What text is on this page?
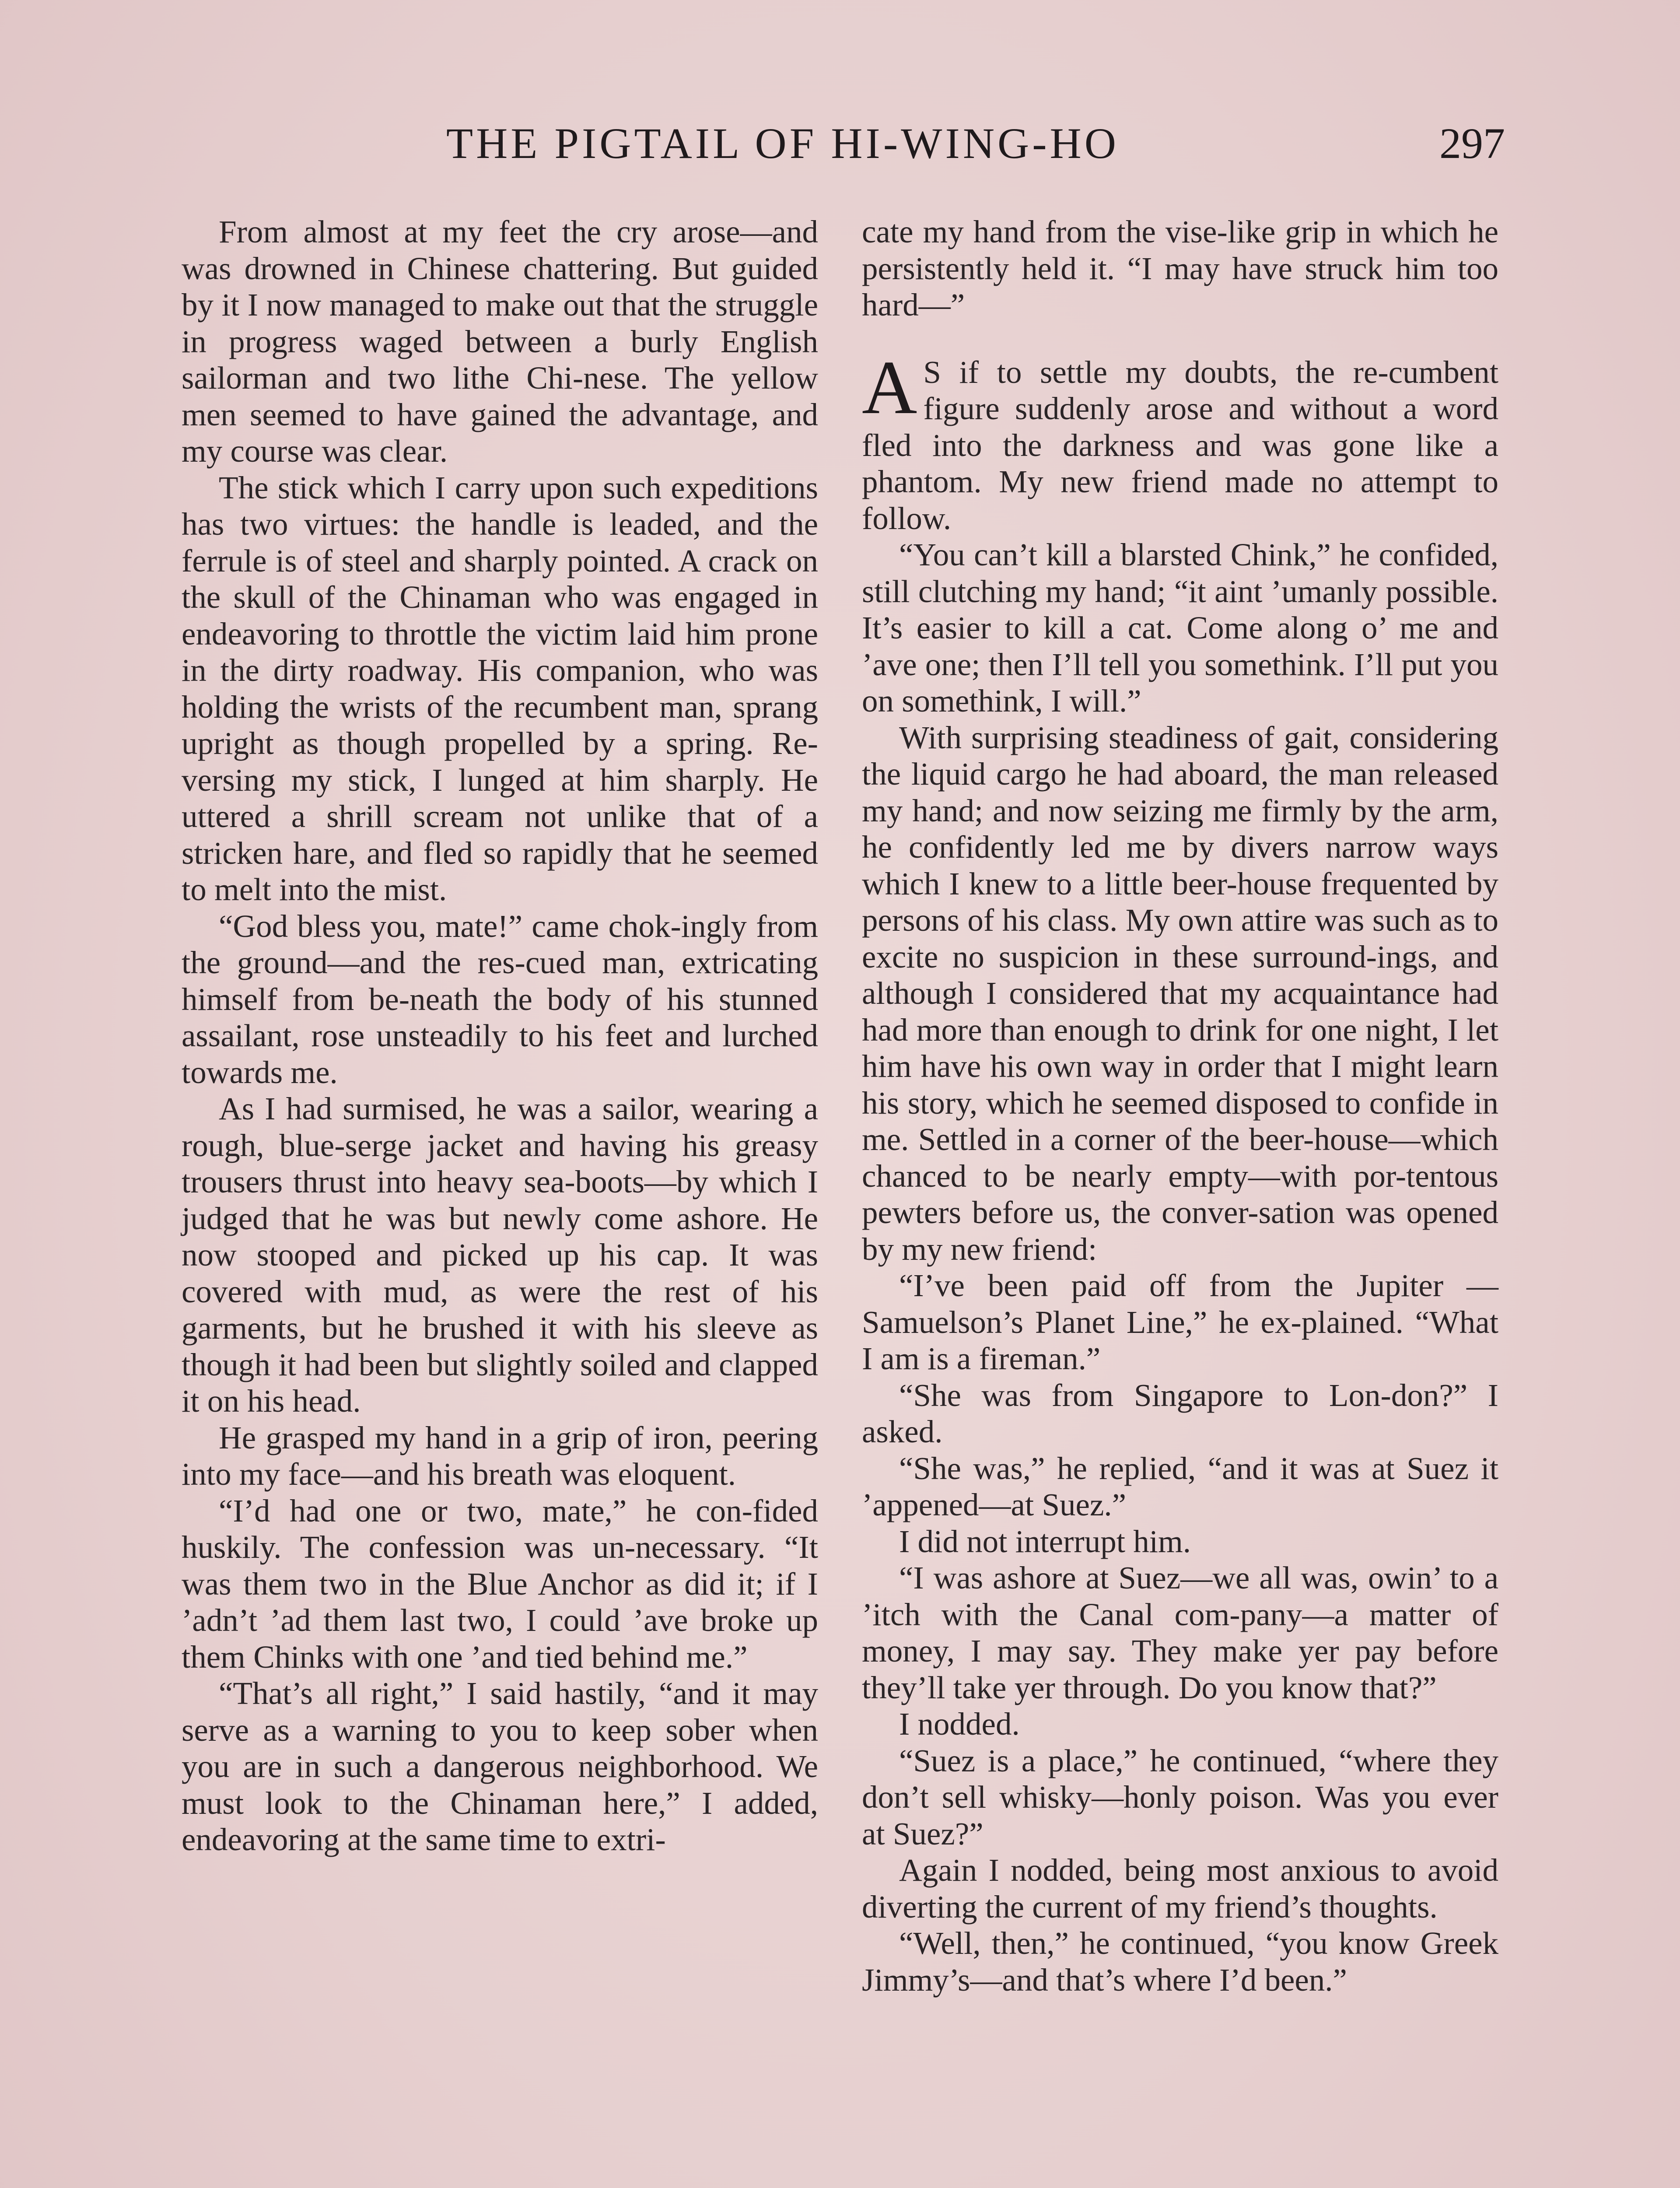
THE PIGTAIL OF HI-WING-HO	297

From almost at my feet the cry arose—and was drowned in Chinese chattering. But guided by it I now managed to make out that the struggle in progress waged between a burly English sailorman and two lithe Chi-nese. The yellow men seemed to have gained the advantage, and my course was clear.

The stick which I carry upon such expeditions has two virtues: the handle is leaded, and the ferrule is of steel and sharply pointed. A crack on the skull of the Chinaman who was engaged in endeavoring to throttle the victim laid him prone in the dirty roadway. His companion, who was holding the wrists of the recumbent man, sprang upright as though propelled by a spring. Re-versing my stick, I lunged at him sharply. He uttered a shrill scream not unlike that of a stricken hare, and fled so rapidly that he seemed to melt into the mist.

“God bless you, mate!” came chok-ingly from the ground—and the res-cued man, extricating himself from be-neath the body of his stunned assailant, rose unsteadily to his feet and lurched towards me.

As I had surmised, he was a sailor, wearing a rough, blue-serge jacket and having his greasy trousers thrust into heavy sea-boots—by which I judged that he was but newly come ashore. He now stooped and picked up his cap. It was covered with mud, as were the rest of his garments, but he brushed it with his sleeve as though it had been but slightly soiled and clapped it on his head.

He grasped my hand in a grip of iron, peering into my face—and his breath was eloquent.

“I’d had one or two, mate,” he con-fided huskily. The confession was un-necessary. “It was them two in the Blue Anchor as did it; if I ’adn’t ’ad them last two, I could ’ave broke up them Chinks with one ’and tied behind me.”

“That’s all right,” I said hastily, “and it may serve as a warning to you to keep sober when you are in such a dangerous neighborhood. We must look to the Chinaman here,” I added, endeavoring at the same time to extri-

cate my hand from the vise-like grip in which he persistently held it. “I may have struck him too hard—”

A S if to settle my doubts, the re-cumbent figure suddenly arose and without a word fled into the darkness and was gone like a phantom. My new friend made no attempt to follow.

“You can’t kill a blarsted Chink,” he confided, still clutching my hand; “it aint ’umanly possible. It’s easier to kill a cat. Come along o’ me and ’ave one; then I’ll tell you somethink. I’ll put you on somethink, I will.”

With surprising steadiness of gait, considering the liquid cargo he had aboard, the man released my hand; and now seizing me firmly by the arm, he confidently led me by divers narrow ways which I knew to a little beer-house frequented by persons of his class. My own attire was such as to excite no suspicion in these surround-ings, and although I considered that my acquaintance had had more than enough to drink for one night, I let him have his own way in order that I might learn his story, which he seemed disposed to confide in me. Settled in a corner of the beer-house—which chanced to be nearly empty—with por-tentous pewters before us, the conver-sation was opened by my new friend:

“I’ve been paid off from the Jupiter —Samuelson’s Planet Line,” he ex-plained. “What I am is a fireman.”

“She was from Singapore to Lon-don?” I asked.

“She was,” he replied, “and it was at Suez it ’appened—at Suez.”

I did not interrupt him.

“I was ashore at Suez—we all was, owin’ to a ’itch with the Canal com-pany—a matter of money, I may say. They make yer pay before they’ll take yer through. Do you know that?”

I nodded.

“Suez is a place,” he continued, “where they don’t sell whisky—honly poison. Was you ever at Suez?”

Again I nodded, being most anxious to avoid diverting the current of my friend’s thoughts.

“Well, then,” he continued, “you know Greek Jimmy’s—and that’s where I’d been.”
